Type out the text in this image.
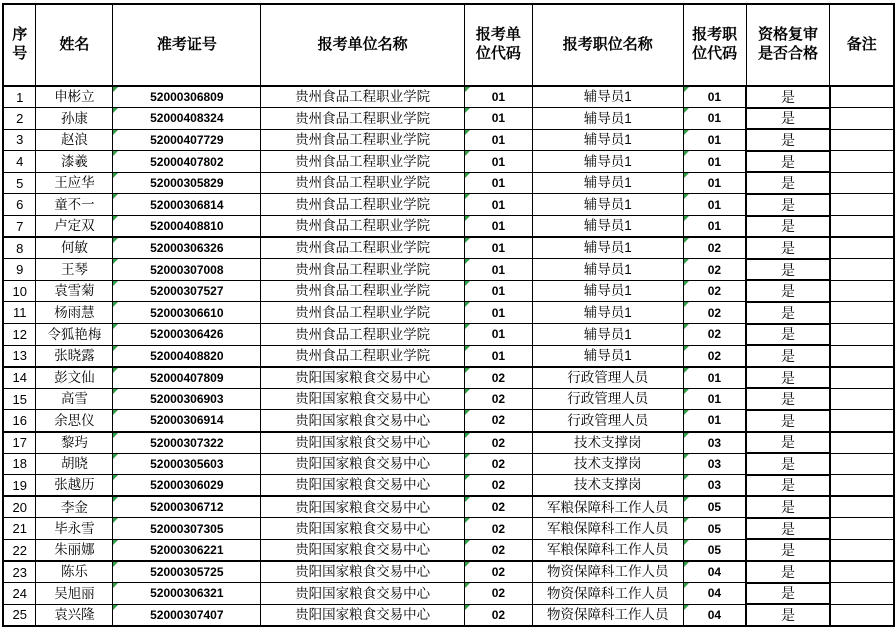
序号	姓名	准考证号	报考单位名称	报考单位代码	报考职位名称	报考职位代码	资格复审是否合格	备注
1	申彬立	52000306809	贵州食品工程职业学院	01	辅导员1	01	是	
2	孙康	52000408324	贵州食品工程职业学院	01	辅导员1	01	是	
3	赵浪	52000407729	贵州食品工程职业学院	01	辅导员1	01	是	
4	漆羲	52000407802	贵州食品工程职业学院	01	辅导员1	01	是	
5	王应华	52000305829	贵州食品工程职业学院	01	辅导员1	01	是	
6	童不一	52000306814	贵州食品工程职业学院	01	辅导员1	01	是	
7	卢定双	52000408810	贵州食品工程职业学院	01	辅导员1	01	是	
8	何敏	52000306326	贵州食品工程职业学院	01	辅导员1	02	是	
9	王琴	52000307008	贵州食品工程职业学院	01	辅导员1	02	是	
10	袁雪菊	52000307527	贵州食品工程职业学院	01	辅导员1	02	是	
11	杨雨慧	52000306610	贵州食品工程职业学院	01	辅导员1	02	是	
12	令狐艳梅	52000306426	贵州食品工程职业学院	01	辅导员1	02	是	
13	张晓露	52000408820	贵州食品工程职业学院	01	辅导员1	02	是	
14	彭文仙	52000407809	贵阳国家粮食交易中心	02	行政管理人员	01	是	
15	高雪	52000306903	贵阳国家粮食交易中心	02	行政管理人员	01	是	
16	余思仪	52000306914	贵阳国家粮食交易中心	02	行政管理人员	01	是	
17	黎玙	52000307322	贵阳国家粮食交易中心	02	技术支撑岗	03	是	
18	胡晓	52000305603	贵阳国家粮食交易中心	02	技术支撑岗	03	是	
19	张越历	52000306029	贵阳国家粮食交易中心	02	技术支撑岗	03	是	
20	李金	52000306712	贵阳国家粮食交易中心	02	军粮保障科工作人员	05	是	
21	毕永雪	52000307305	贵阳国家粮食交易中心	02	军粮保障科工作人员	05	是	
22	朱丽娜	52000306221	贵阳国家粮食交易中心	02	军粮保障科工作人员	05	是	
23	陈乐	52000305725	贵阳国家粮食交易中心	02	物资保障科工作人员	04	是	
24	吴旭丽	52000306321	贵阳国家粮食交易中心	02	物资保障科工作人员	04	是	
25	袁兴隆	52000307407	贵阳国家粮食交易中心	02	物资保障科工作人员	04	是	
